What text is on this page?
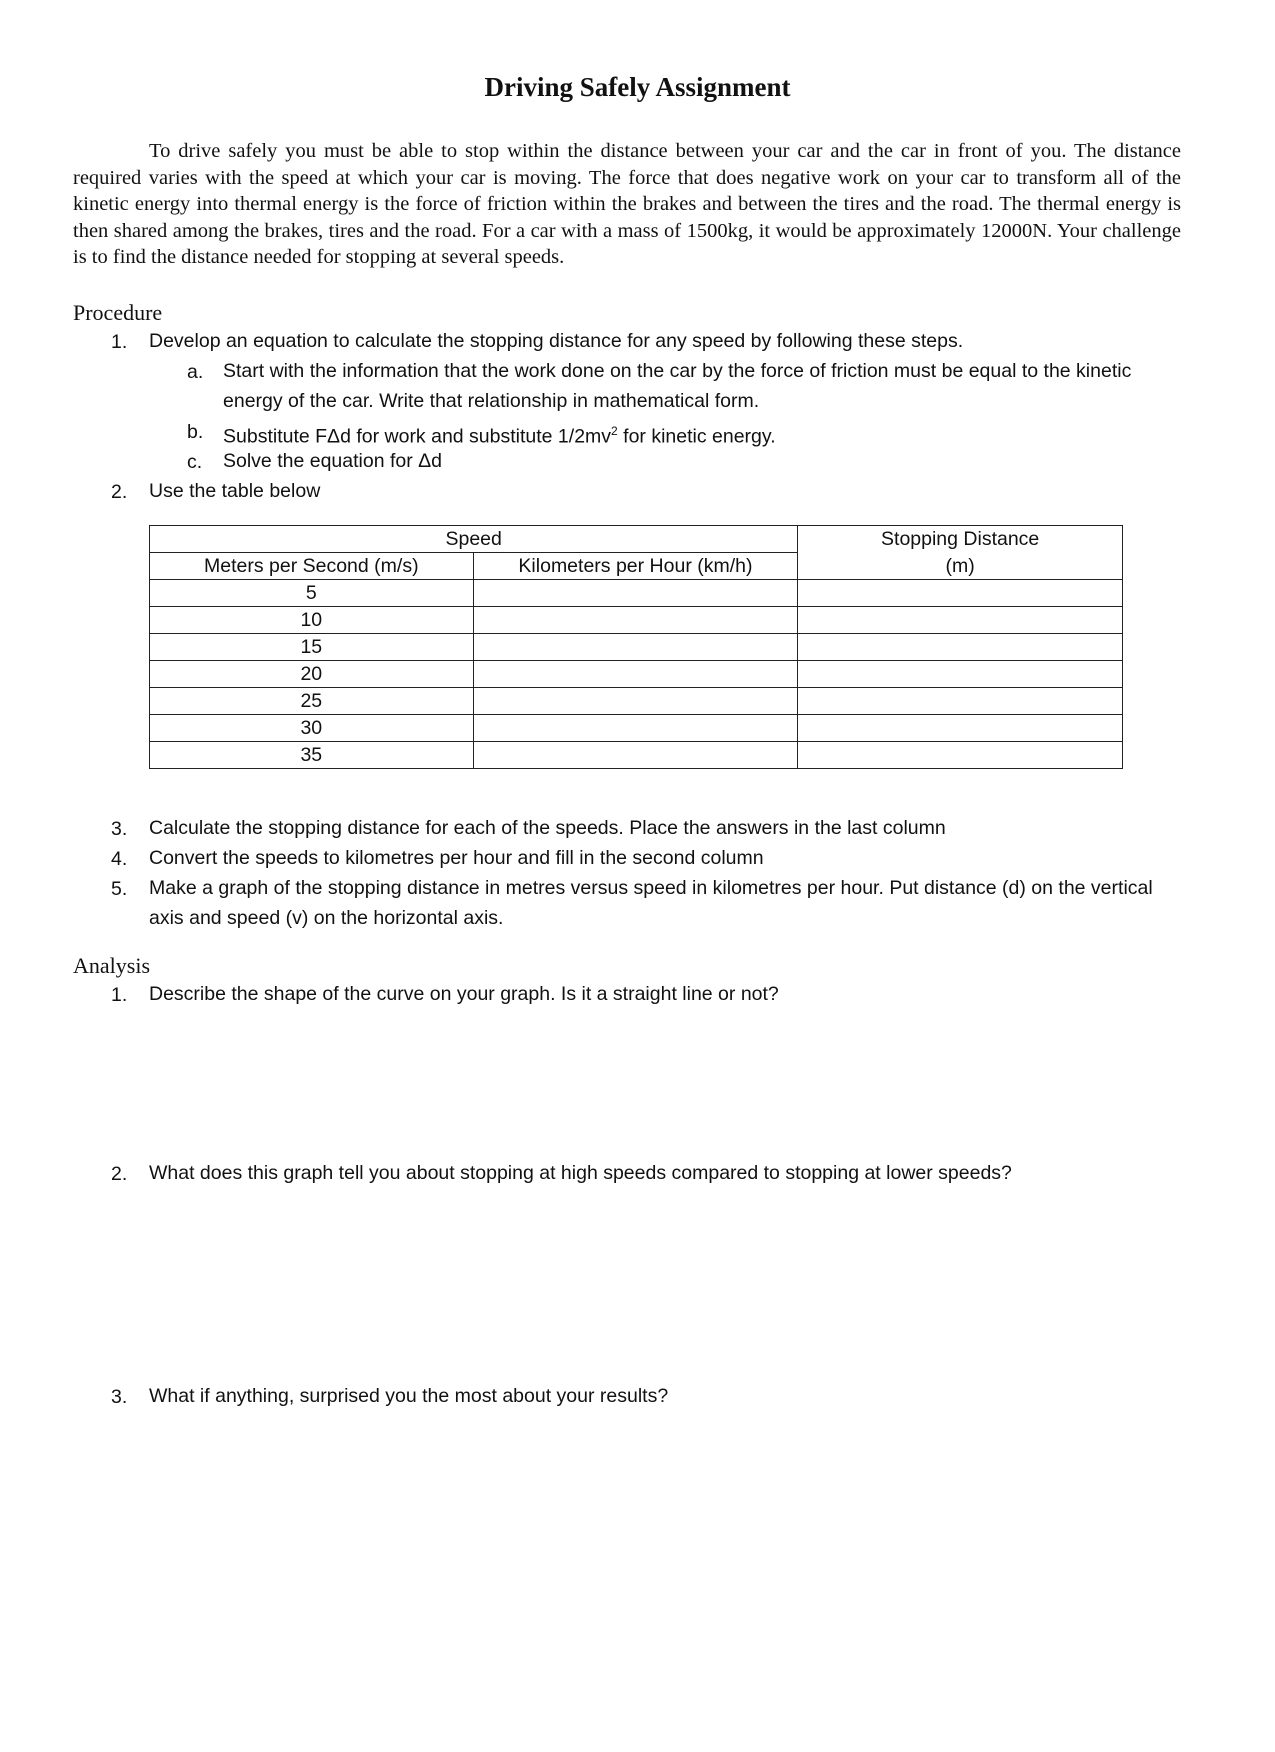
Driving Safely Assignment
To drive safely you must be able to stop within the distance between your car and the car in front of you. The distance required varies with the speed at which your car is moving. The force that does negative work on your car to transform all of the kinetic energy into thermal energy is the force of friction within the brakes and between the tires and the road. The thermal energy is then shared among the brakes, tires and the road. For a car with a mass of 1500kg, it would be approximately 12000N. Your challenge is to find the distance needed for stopping at several speeds.
Procedure
1. Develop an equation to calculate the stopping distance for any speed by following these steps.
a. Start with the information that the work done on the car by the force of friction must be equal to the kinetic energy of the car. Write that relationship in mathematical form.
b. Substitute FΔd for work and substitute $1/2mv^2$ for kinetic energy.
c. Solve the equation for Δd
2. Use the table below
Speed		Stopping Distance
Meters per Second (m/s)	Kilometers per Hour (km/h)	(m)
5		
10		
15		
20		
25		
30		
35		
3. Calculate the stopping distance for each of the speeds. Place the answers in the last column
4. Convert the speeds to kilometres per hour and fill in the second column
5. Make a graph of the stopping distance in metres versus speed in kilometres per hour. Put distance (d) on the vertical axis and speed (v) on the horizontal axis.
Analysis
1. Describe the shape of the curve on your graph. Is it a straight line or not?
2. What does this graph tell you about stopping at high speeds compared to stopping at lower speeds?
3. What if anything, surprised you the most about your results?
